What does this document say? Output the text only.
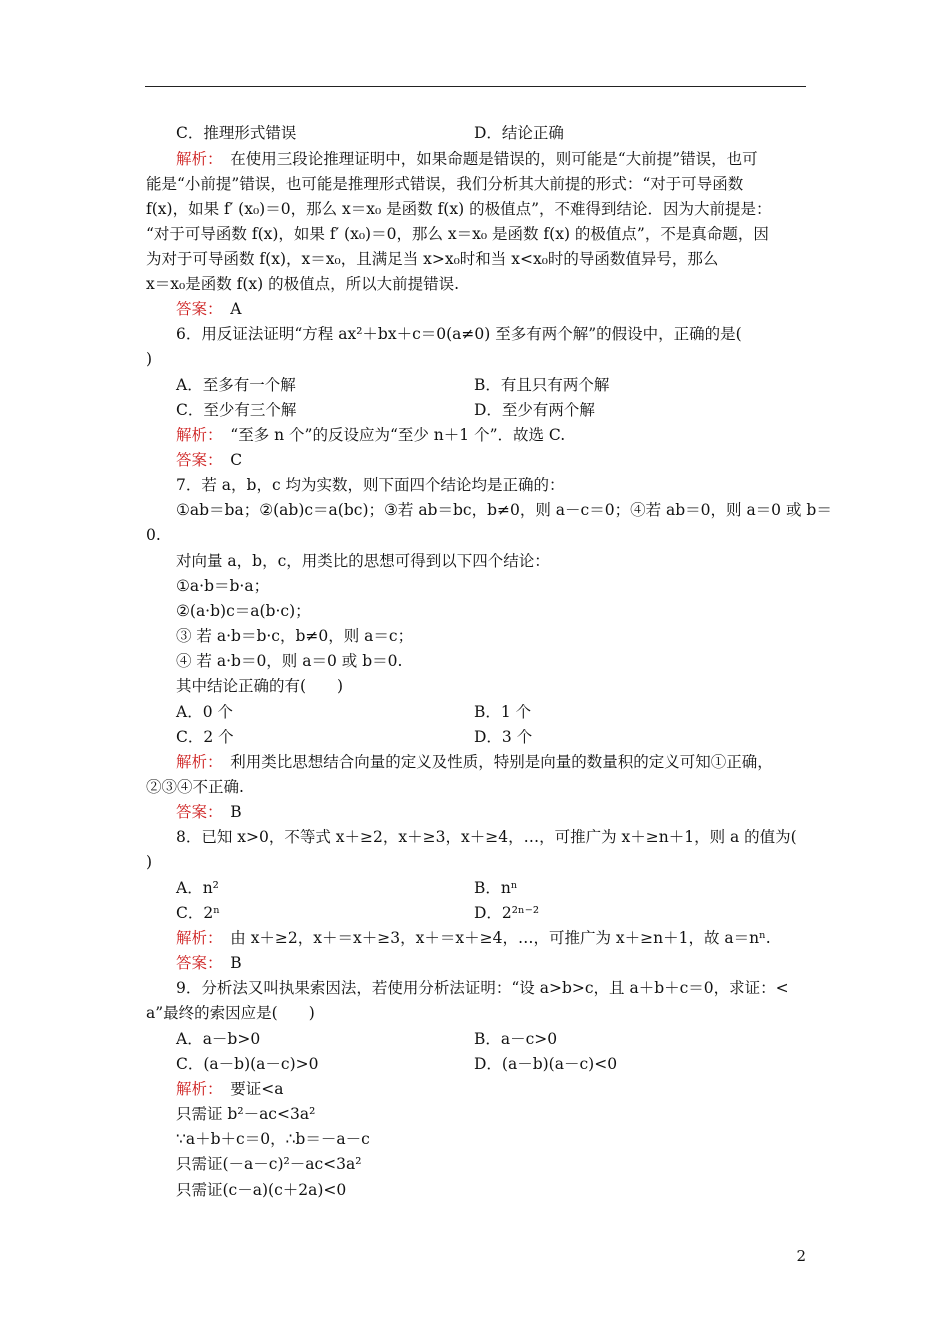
C．推理形式错误	D．结论正确
解析：　在使用三段论推理证明中，如果命题是错误的，则可能是“大前提”错误，也可
能是“小前提”错误，也可能是推理形式错误，我们分析其大前提的形式：“对于可导函数
f(x)，如果 f′ (x₀)＝0，那么 x＝x₀ 是函数 f(x) 的极值点”，不难得到结论．因为大前提是：
“对于可导函数 f(x)，如果 f′ (x₀)＝0，那么 x＝x₀ 是函数 f(x) 的极值点”，不是真命题，因
为对于可导函数 f(x)，x＝x₀，且满足当 x>x₀时和当 x<x₀时的导函数值异号，那么
x＝x₀是函数 f(x) 的极值点，所以大前提错误.
答案：　A
6．用反证法证明“方程 ax²＋bx＋c＝0(a≠0) 至多有两个解”的假设中，正确的是(
)
A．至多有一个解	B．有且只有两个解
C．至少有三个解	D．至少有两个解
解析：　“至多 n 个”的反设应为“至少 n＋1 个”．故选 C.
答案：　C
7．若 a，b，c 均为实数，则下面四个结论均是正确的：
①ab＝ba；②(ab)c＝a(bc)；③若 ab＝bc，b≠0，则 a－c＝0；④若 ab＝0，则 a＝0 或 b＝
0.
对向量 a，b，c，用类比的思想可得到以下四个结论：
①a·b＝b·a；
②(a·b)c＝a(b·c)；
③ 若 a·b＝b·c，b≠0，则 a＝c；
④ 若 a·b＝0，则 a＝0 或 b＝0.
其中结论正确的有(　　)
A．0 个	B．1 个
C．2 个	D．3 个
解析：　利用类比思想结合向量的定义及性质，特别是向量的数量积的定义可知①正确，
②③④不正确.
答案：　B
8．已知 x>0，不等式 x＋≥2，x＋≥3，x＋≥4，…，可推广为 x＋≥n＋1，则 a 的值为(
)
A．n²	B．nⁿ
C．2ⁿ	D．2²ⁿ⁻²
解析：　由 x＋≥2，x＋＝x＋≥3，x＋＝x＋≥4，…，可推广为 x＋≥n＋1，故 a＝nⁿ.
答案：　B
9．分析法又叫执果索因法，若使用分析法证明：“设 a>b>c，且 a＋b＋c＝0，求证：<
a”最终的索因应是(　　)
A．a－b>0	B．a－c>0
C．(a－b)(a－c)>0	D．(a－b)(a－c)<0
解析：　要证<a
只需证 b²－ac<3a²
∵a＋b＋c＝0，∴b＝－a－c
只需证(－a－c)²－ac<3a²
只需证(c－a)(c＋2a)<0
2
